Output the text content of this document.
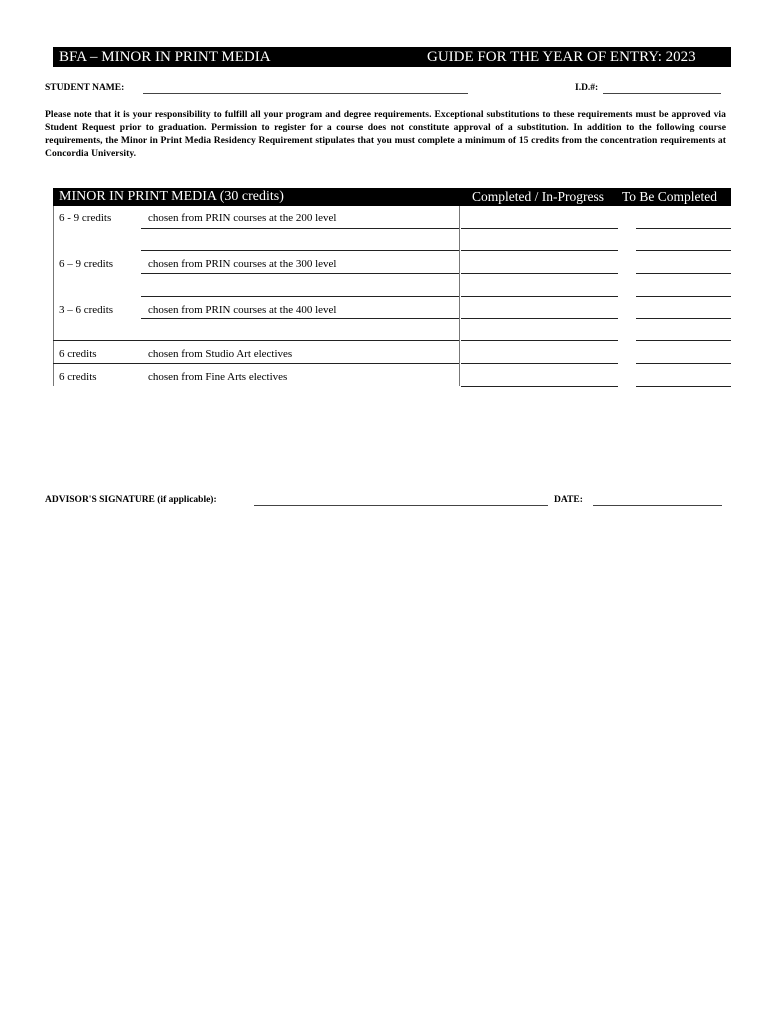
BFA – MINOR IN PRINT MEDIA	GUIDE FOR THE YEAR OF ENTRY: 2023
STUDENT NAME:	I.D.#:
Please note that it is your responsibility to fulfill all your program and degree requirements. Exceptional substitutions to these requirements must be approved via Student Request prior to graduation. Permission to register for a course does not constitute approval of a substitution. In addition to the following course requirements, the Minor in Print Media Residency Requirement stipulates that you must complete a minimum of 15 credits from the concentration requirements at Concordia University.
MINOR IN PRINT MEDIA (30 credits)	Completed / In-Progress To Be Completed
6 - 9 credits	chosen from PRIN courses at the 200 level
6 – 9 credits	chosen from PRIN courses at the 300 level
3 – 6 credits	chosen from PRIN courses at the 400 level
6 credits	chosen from Studio Art electives
6 credits	chosen from Fine Arts electives
ADVISOR'S SIGNATURE (if applicable):	DATE:
